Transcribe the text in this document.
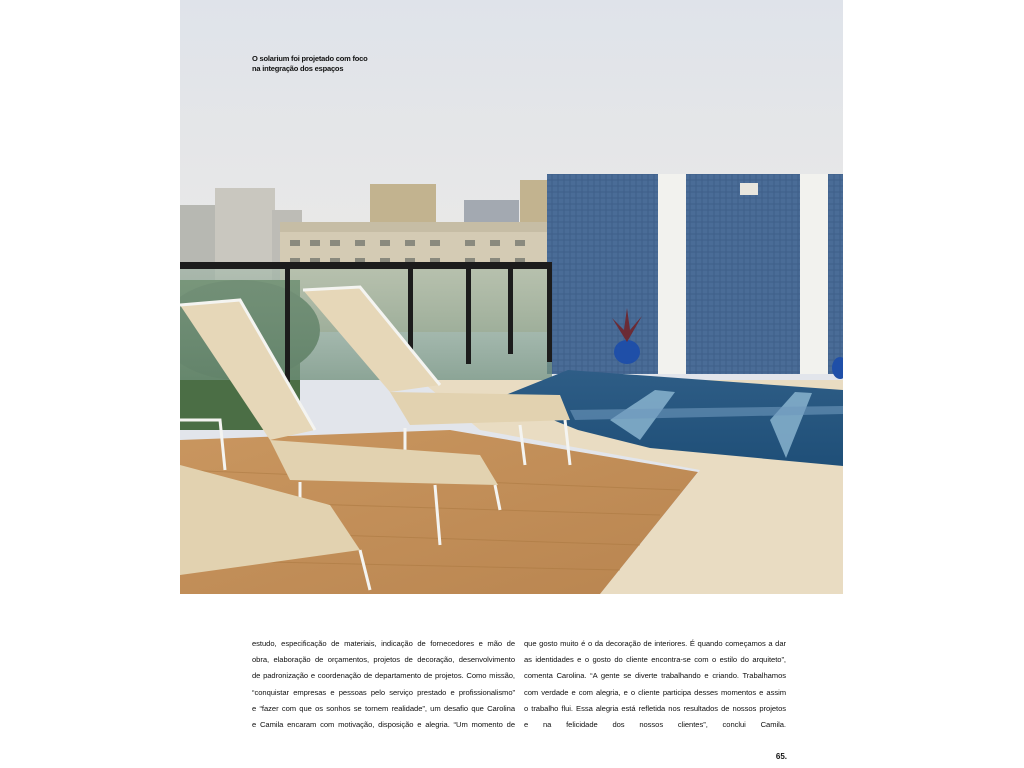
O solarium foi projetado com foco
na integração dos espaços
estudo, especificação de materiais, indicação de fornecedores e mão de
obra, elaboração de orçamentos, projetos de decoração, desenvolvimento
de padronização e coordenação de departamento de projetos. Como missão,
“conquistar empresas e pessoas pelo serviço prestado e profissionalismo”
e “fazer com que os sonhos se tornem realidade”, um desafio que Carolina
e Camila encaram com motivação, disposição e alegria. “Um momento de
que gosto muito é o da decoração de interiores. É quando começamos a dar
as identidades e o gosto do cliente encontra-se com o estilo do arquiteto”,
comenta Carolina. “A gente se diverte trabalhando e criando. Trabalhamos
com verdade e com alegria, e o cliente participa desses momentos e assim
o trabalho flui. Essa alegria está refletida nos resultados de nossos projetos
e na felicidade dos nossos clientes”, conclui Camila.
65.
